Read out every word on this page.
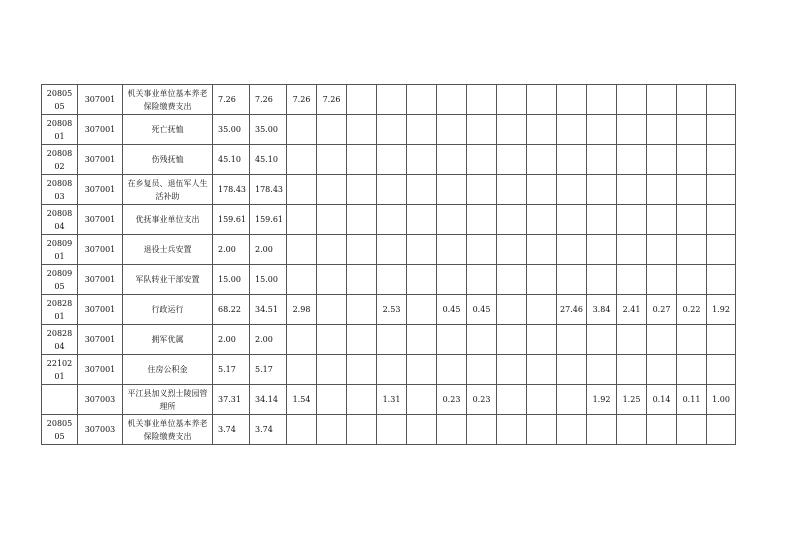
2080505	307001	机关事业单位基本养老保险缴费支出	7.26	7.26	7.26	7.26													
2080801	307001	死亡抚恤	35.00	35.00															
2080802	307001	伤残抚恤	45.10	45.10															
2080803	307001	在乡复员、退伍军人生活补助	178.43	178.43															
2080804	307001	优抚事业单位支出	159.61	159.61															
2080901	307001	退役士兵安置	2.00	2.00															
2080905	307001	军队转业干部安置	15.00	15.00															
2082801	307001	行政运行	68.22	34.51	2.98			2.53		0.45	0.45			27.46	3.84	2.41	0.27	0.22	1.92
2082804	307001	拥军优属	2.00	2.00															
2210201	307001	住房公积金	5.17	5.17															
	307003	平江县加义烈士陵园管理所	37.31	34.14	1.54			1.31		0.23	0.23				1.92	1.25	0.14	0.11	1.00
2080505	307003	机关事业单位基本养老保险缴费支出	3.74	3.74															
